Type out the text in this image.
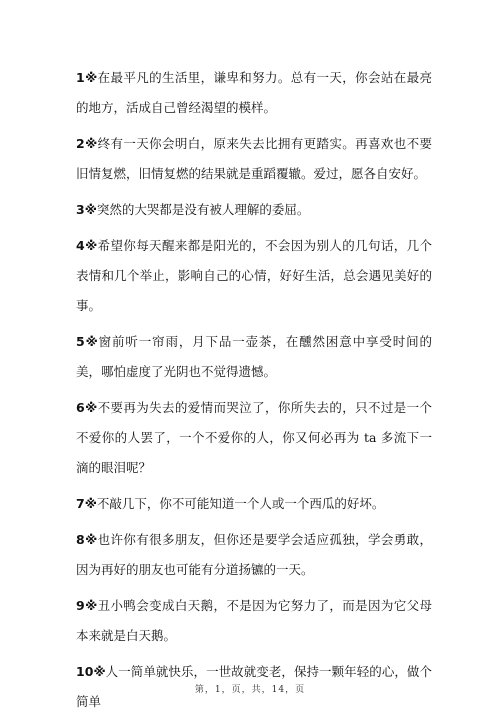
1※在最平凡的生活里，谦卑和努力。总有一天，你会站在最亮的地方，活成自己曾经渴望的模样。

2※终有一天你会明白，原来失去比拥有更踏实。再喜欢也不要旧情复燃，旧情复燃的结果就是重蹈覆辙。爱过，愿各自安好。

3※突然的大哭都是没有被人理解的委屈。

4※希望你每天醒来都是阳光的，不会因为别人的几句话，几个表情和几个举止，影响自己的心情，好好生活，总会遇见美好的事。

5※窗前听一帘雨，月下品一壶茶，在醺然困意中享受时间的美，哪怕虚度了光阴也不觉得遗憾。

6※不要再为失去的爱情而哭泣了，你所失去的，只不过是一个不爱你的人罢了，一个不爱你的人，你又何必再为 ta 多流下一滴的眼泪呢？

7※不敲几下，你不可能知道一个人或一个西瓜的好坏。

8※也许你有很多朋友，但你还是要学会适应孤独，学会勇敢，因为再好的朋友也可能有分道扬镳的一天。

9※丑小鸭会变成白天鹅，不是因为它努力了，而是因为它父母本来就是白天鹅。

10※人一简单就快乐，一世故就变老，保持一颗年轻的心，做个简单

第，1，页，共，14，页
